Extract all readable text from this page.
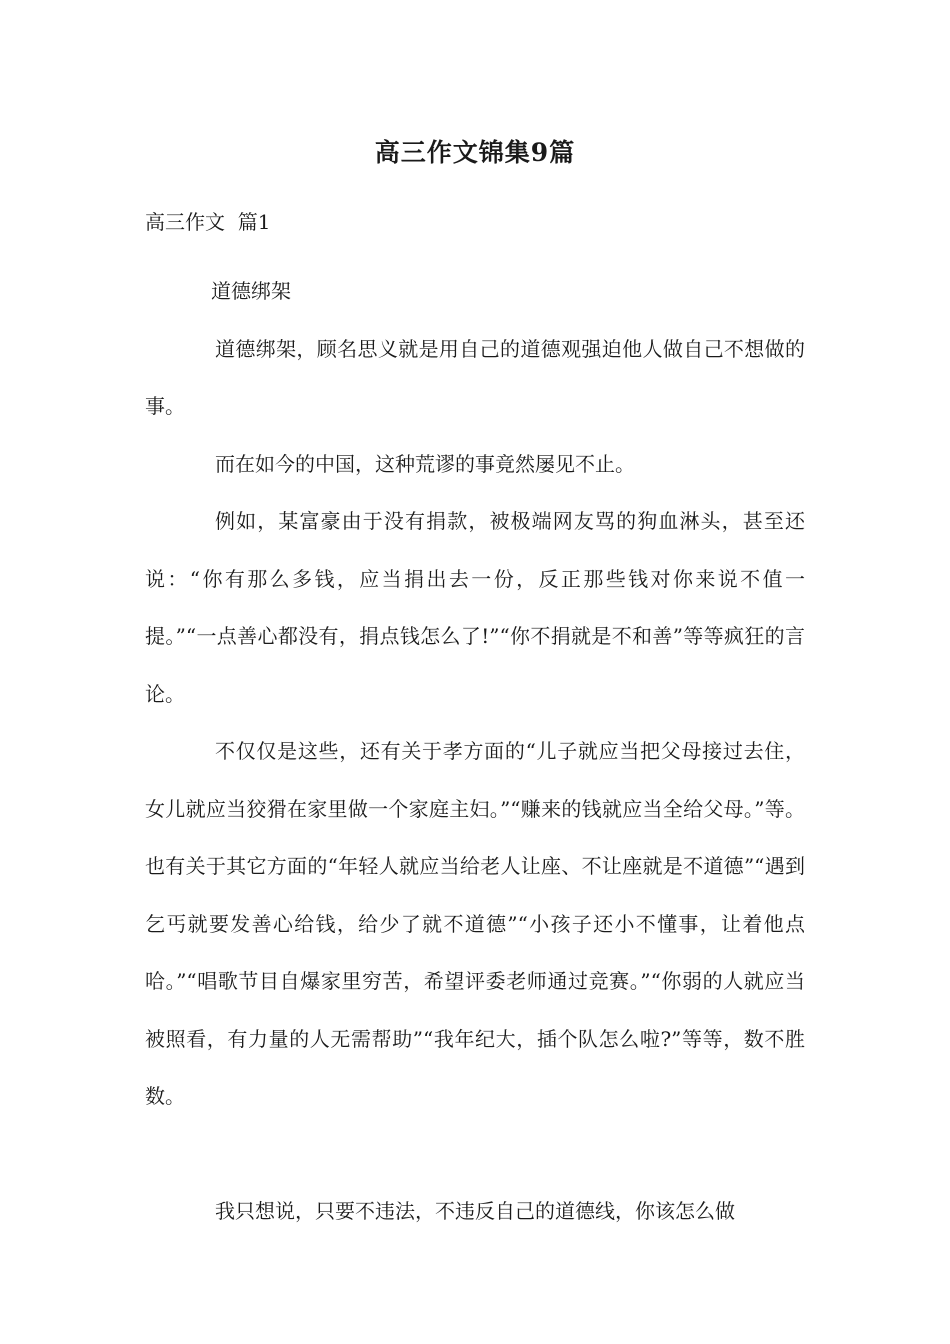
高三作文锦集9篇
高三作文  篇1

道德绑架

道德绑架，顾名思义就是用自己的道德观强迫他人做自己不想做的事。

而在如今的中国，这种荒谬的事竟然屡见不止。

例如，某富豪由于没有捐款，被极端网友骂的狗血淋头，甚至还说：“你有那么多钱，应当捐出去一份，反正那些钱对你来说不值一提。”“一点善心都没有，捐点钱怎么了!”“你不捐就是不和善”等等疯狂的言论。

不仅仅是这些，还有关于孝方面的“儿子就应当把父母接过去住，女儿就应当狡猾在家里做一个家庭主妇。”“赚来的钱就应当全给父母。”等。也有关于其它方面的“年轻人就应当给老人让座、不让座就是不道德”“遇到乞丐就要发善心给钱，给少了就不道德”“小孩子还小不懂事，让着他点哈。”“唱歌节目自爆家里穷苦，希望评委老师通过竞赛。”“你弱的人就应当被照看，有力量的人无需帮助”“我年纪大，插个队怎么啦?”等等，数不胜数。

我只想说，只要不违法，不违反自己的道德线，你该怎么做
